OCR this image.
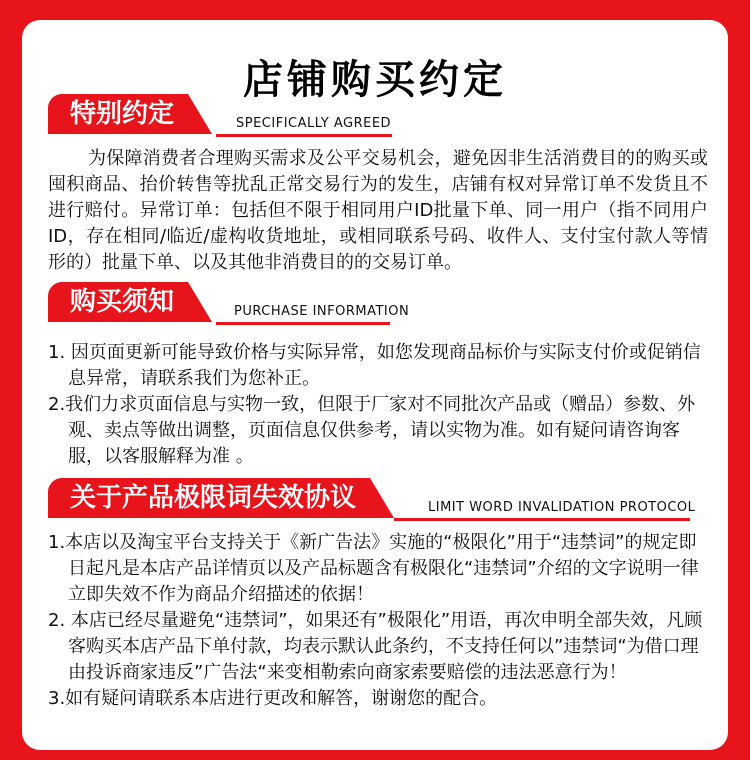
店铺购买约定
特别约定	SPECIFICALLY AGREED

为保障消费者合理购买需求及公平交易机会，避免因非生活消费目的的购买或囤积商品、抬价转售等扰乱正常交易行为的发生，店铺有权对异常订单不发货且不进行赔付。异常订单：包括但不限于相同用户ID批量下单、同一用户（指不同用户ID，存在相同/临近/虚构收货地址，或相同联系号码、收件人、支付宝付款人等情形的）批量下单、以及其他非消费目的的交易订单。

购买须知	PURCHASE INFORMATION
1. 因页面更新可能导致价格与实际异常，如您发现商品标价与实际支付价或促销信息异常，请联系我们为您补正。
2.我们力求页面信息与实物一致，但限于厂家对不同批次产品或（赠品）参数、外观、卖点等做出调整，页面信息仅供参考，请以实物为准。如有疑问请咨询客服，以客服解释为准 。
关于产品极限词失效协议	LIMIT WORD INVALIDATION PROTOCOL
1.本店以及淘宝平台支持关于《新广告法》实施的“极限化”用于“违禁词”的规定即日起凡是本店产品详情页以及产品标题含有极限化“违禁词”介绍的文字说明一律立即失效不作为商品介绍描述的依据！
2. 本店已经尽量避免“违禁词”，如果还有”极限化”用语，再次申明全部失效，凡顾客购买本店产品下单付款，均表示默认此条约，不支持任何以”违禁词“为借口理由投诉商家违反”广告法“来变相勒索向商家索要赔偿的违法恶意行为！
3.如有疑问请联系本店进行更改和解答，谢谢您的配合。
